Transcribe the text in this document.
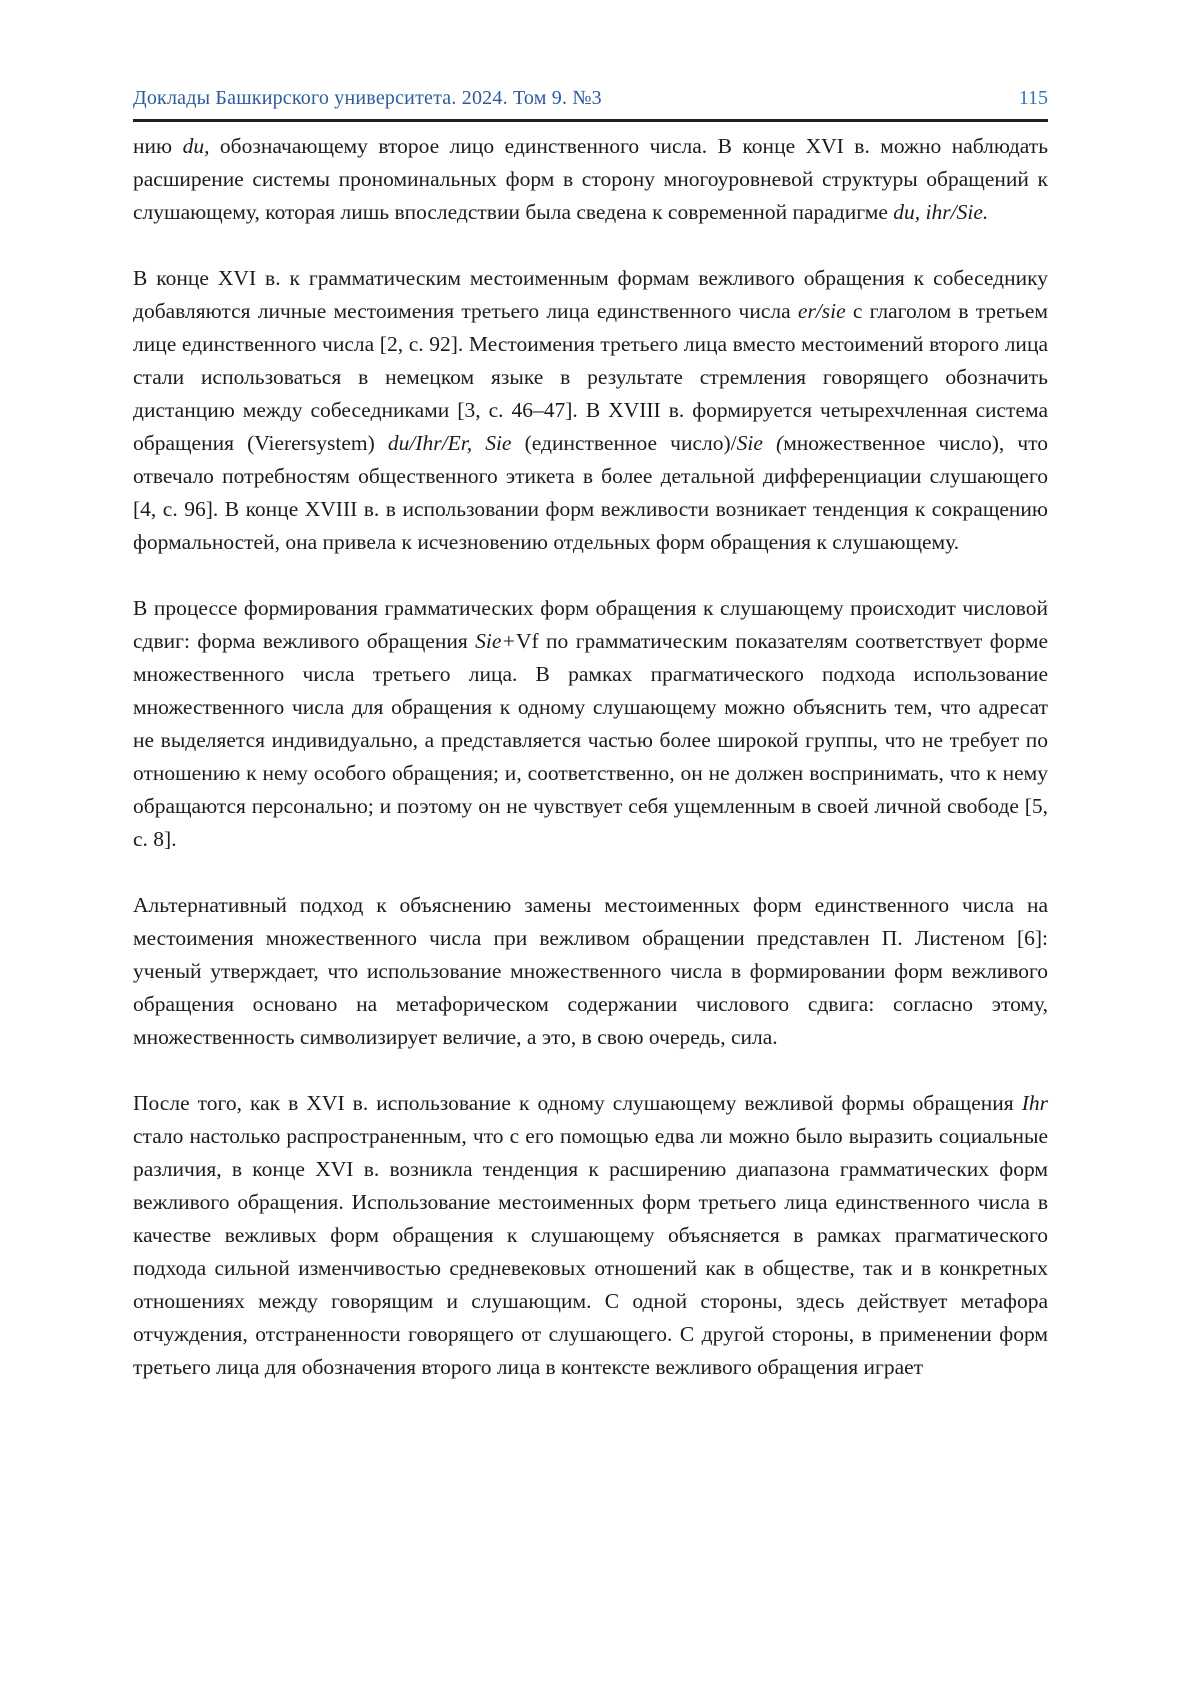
Доклады Башкирского университета. 2024. Том 9. №3	115

нию du, обозначающему второе лицо единственного числа. В конце XVI в. можно наблюдать расширение системы прономинальных форм в сторону многоуровневой структуры обращений к слушающему, которая лишь впоследствии была сведена к современной парадигме du, ihr/Sie.

В конце XVI в. к грамматическим местоименным формам вежливого обращения к собеседнику добавляются личные местоимения третьего лица единственного числа er/sie с глаголом в третьем лице единственного числа [2, с. 92]. Местоимения третьего лица вместо местоимений второго лица стали использоваться в немецком языке в результате стремления говорящего обозначить дистанцию между собеседниками [3, с. 46–47]. В XVIII в. формируется четырехчленная система обращения (Vierersystem) du/Ihr/Er, Sie (единственное число)/Sie (множественное число), что отвечало потребностям общественного этикета в более детальной дифференциации слушающего [4, с. 96]. В конце XVIII в. в использовании форм вежливости возникает тенденция к сокращению формальностей, она привела к исчезновению отдельных форм обращения к слушающему.

В процессе формирования грамматических форм обращения к слушающему происходит числовой сдвиг: форма вежливого обращения Sie+Vf по грамматическим показателям соответствует форме множественного числа третьего лица. В рамках прагматического подхода использование множественного числа для обращения к одному слушающему можно объяснить тем, что адресат не выделяется индивидуально, а представляется частью более широкой группы, что не требует по отношению к нему особого обращения; и, соответственно, он не должен воспринимать, что к нему обращаются персонально; и поэтому он не чувствует себя ущемленным в своей личной свободе [5, с. 8].

Альтернативный подход к объяснению замены местоименных форм единственного числа на местоимения множественного числа при вежливом обращении представлен П. Листеном [6]: ученый утверждает, что использование множественного числа в формировании форм вежливого обращения основано на метафорическом содержании числового сдвига: согласно этому, множественность символизирует величие, а это, в свою очередь, сила.

После того, как в XVI в. использование к одному слушающему вежливой формы обращения Ihr стало настолько распространенным, что с его помощью едва ли можно было выразить социальные различия, в конце XVI в. возникла тенденция к расширению диапазона грамматических форм вежливого обращения. Использование местоименных форм третьего лица единственного числа в качестве вежливых форм обращения к слушающему объясняется в рамках прагматического подхода сильной изменчивостью средневековых отношений как в обществе, так и в конкретных отношениях между говорящим и слушающим. С одной стороны, здесь действует метафора отчуждения, отстраненности говорящего от слушающего. С другой стороны, в применении форм третьего лица для обозначения второго лица в контексте вежливого обращения играет
